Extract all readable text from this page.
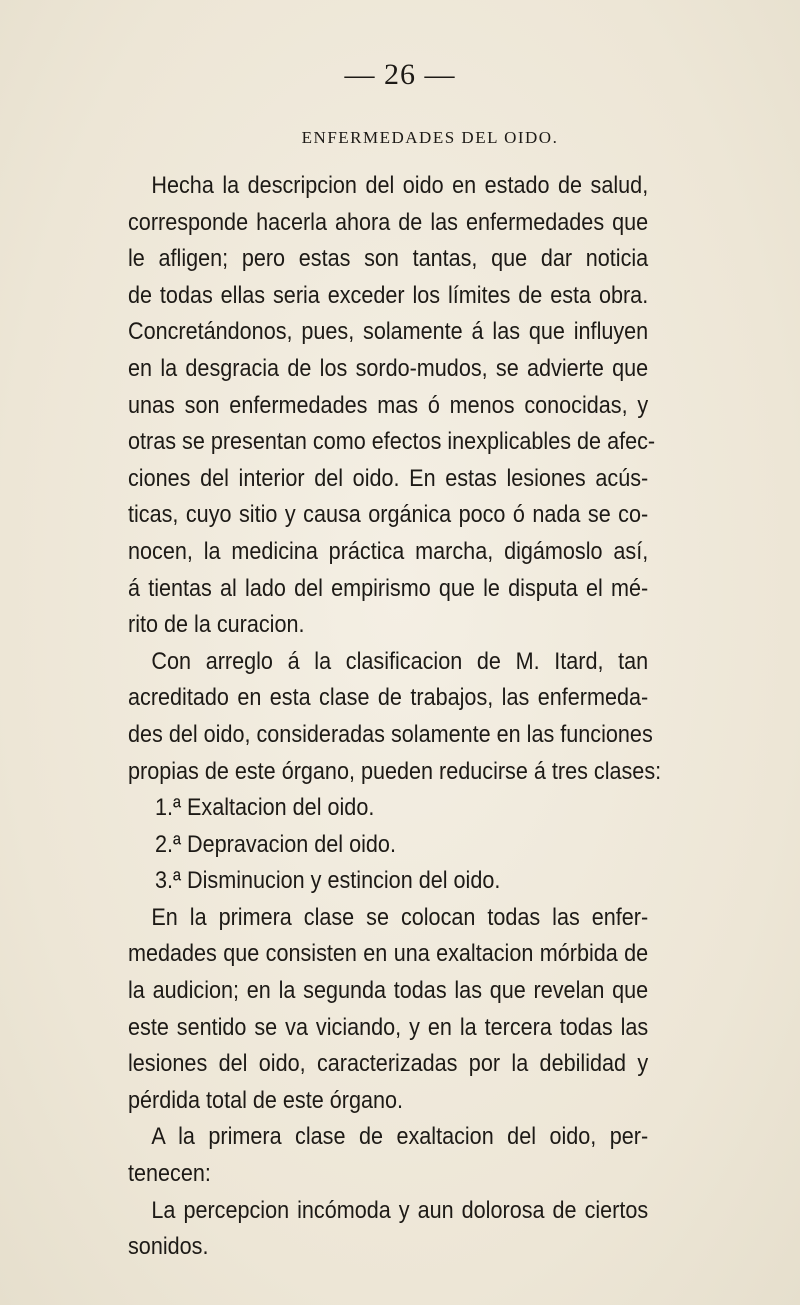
— 26 —
ENFERMEDADES DEL OIDO.
Hecha la descripcion del oido en estado de salud,
corresponde hacerla ahora de las enfermedades que
le afligen; pero estas son tantas, que dar noticia
de todas ellas seria exceder los límites de esta obra.
Concretándonos, pues, solamente á las que influyen
en la desgracia de los sordo-mudos, se advierte que
unas son enfermedades mas ó menos conocidas, y
otras se presentan como efectos inexplicables de afec-
ciones del interior del oido. En estas lesiones acús-
ticas, cuyo sitio y causa orgánica poco ó nada se co-
nocen, la medicina práctica marcha, digámoslo así,
á tientas al lado del empirismo que le disputa el mé-
rito de la curacion.
Con arreglo á la clasificacion de M. Itard, tan
acreditado en esta clase de trabajos, las enfermeda-
des del oido, consideradas solamente en las funciones
propias de este órgano, pueden reducirse á tres clases:
1.ª Exaltacion del oido.
2.ª Depravacion del oido.
3.ª Disminucion y estincion del oido.
En la primera clase se colocan todas las enfer-
medades que consisten en una exaltacion mórbida de
la audicion; en la segunda todas las que revelan que
este sentido se va viciando, y en la tercera todas las
lesiones del oido, caracterizadas por la debilidad y
pérdida total de este órgano.
A la primera clase de exaltacion del oido, per-
tenecen:
La percepcion incómoda y aun dolorosa de ciertos
sonidos.
